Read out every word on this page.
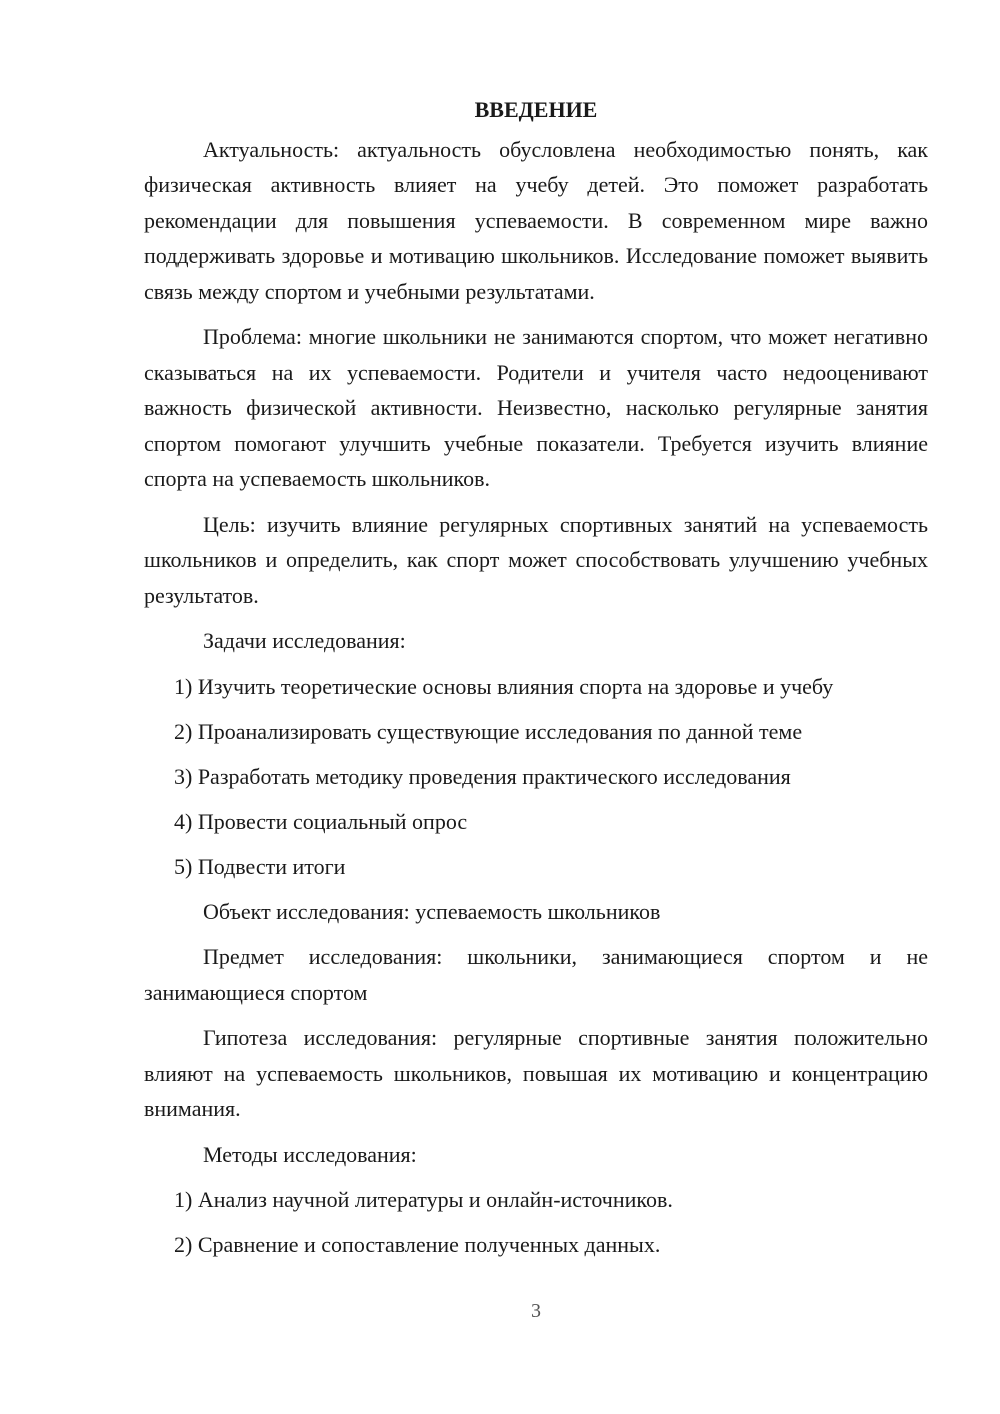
ВВЕДЕНИЕ

Актуальность: актуальность обусловлена необходимостью понять, как физическая активность влияет на учебу детей. Это поможет разработать рекомендации для повышения успеваемости. В современном мире важно поддерживать здоровье и мотивацию школьников. Исследование поможет выявить связь между спортом и учебными результатами.

Проблема: многие школьники не занимаются спортом, что может негативно сказываться на их успеваемости. Родители и учителя часто недооценивают важность физической активности. Неизвестно, насколько регулярные занятия спортом помогают улучшить учебные показатели. Требуется изучить влияние спорта на успеваемость школьников.

Цель: изучить влияние регулярных спортивных занятий на успеваемость школьников и определить, как спорт может способствовать улучшению учебных результатов.

Задачи исследования:

1) Изучить теоретические основы влияния спорта на здоровье и учебу
2) Проанализировать существующие исследования по данной теме
3) Разработать методику проведения практического исследования
4) Провести социальный опрос
5) Подвести итоги

Объект исследования: успеваемость школьников

Предмет исследования: школьники, занимающиеся спортом и не занимающиеся спортом

Гипотеза исследования: регулярные спортивные занятия положительно влияют на успеваемость школьников, повышая их мотивацию и концентрацию внимания.

Методы исследования:

1) Анализ научной литературы и онлайн-источников.
2) Сравнение и сопоставление полученных данных.
3
